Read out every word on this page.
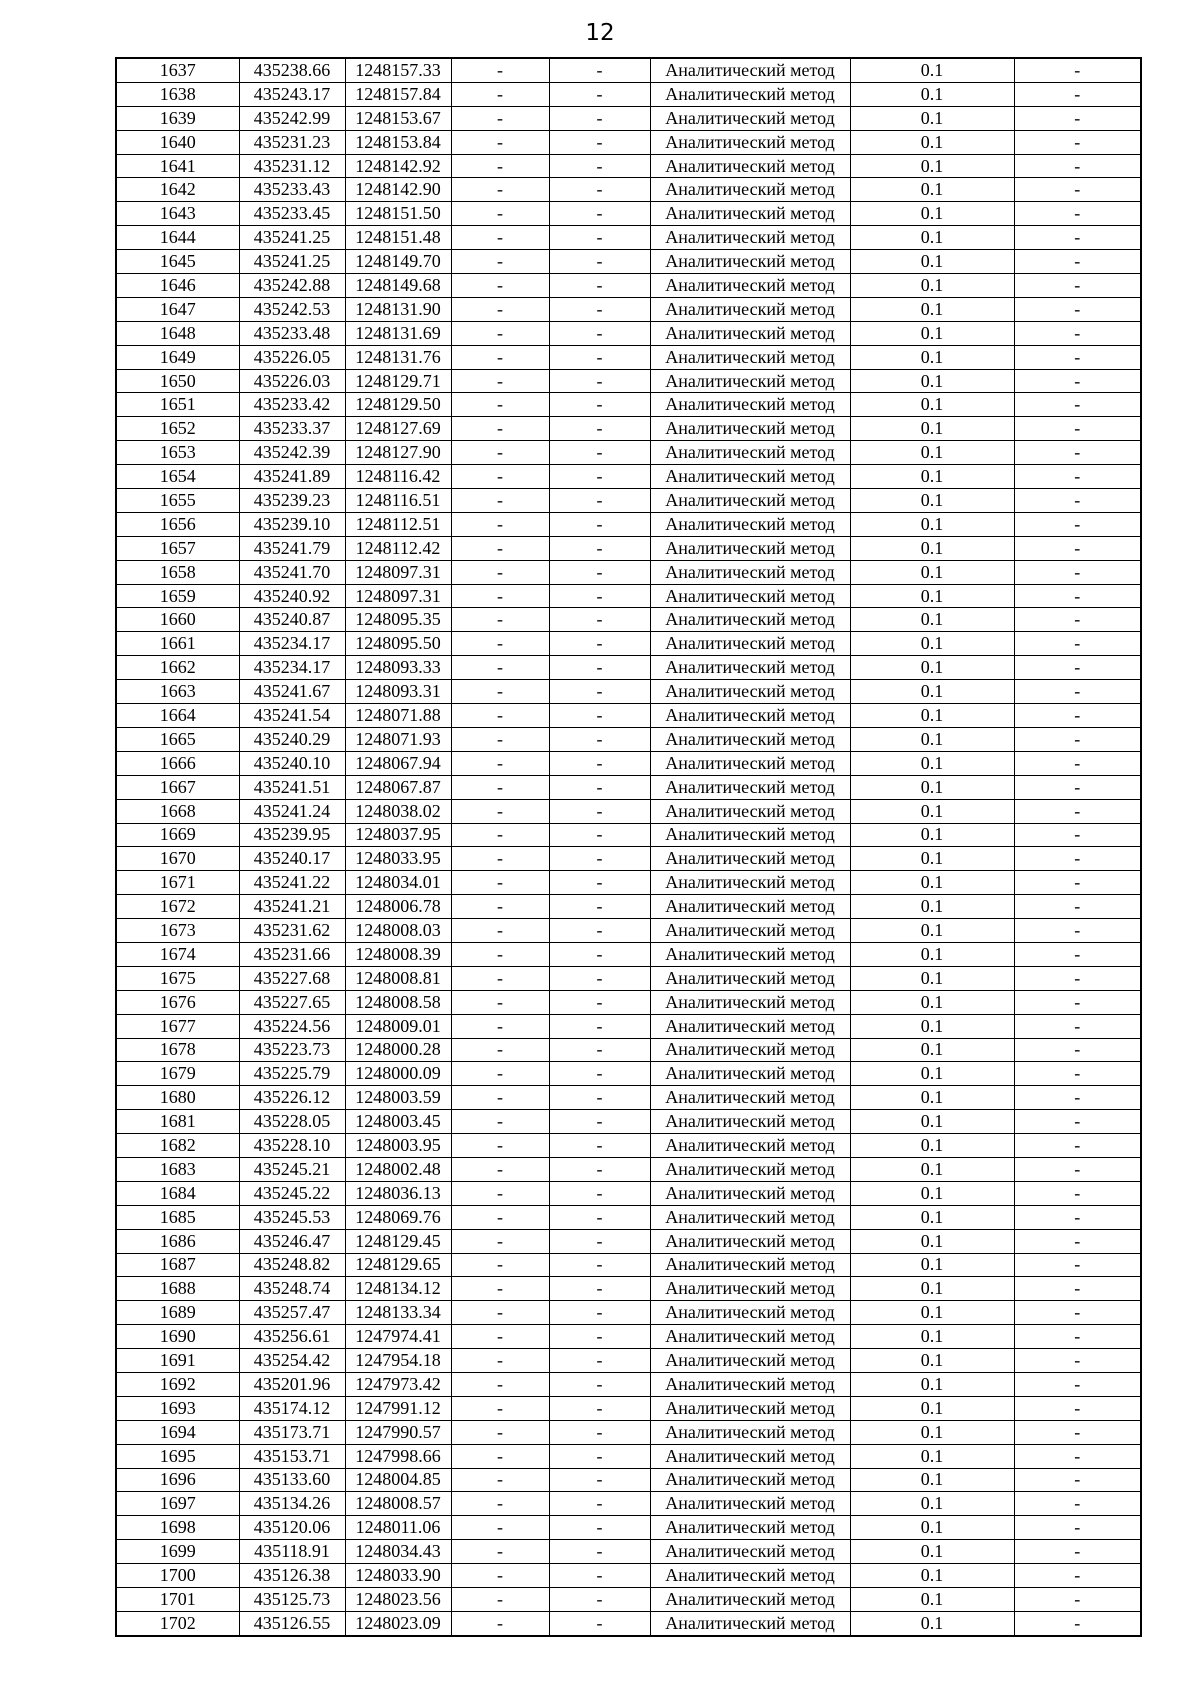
12
1637	435238.66	1248157.33	-	-	Аналитический метод	0.1	-
1638	435243.17	1248157.84	-	-	Аналитический метод	0.1	-
1639	435242.99	1248153.67	-	-	Аналитический метод	0.1	-
1640	435231.23	1248153.84	-	-	Аналитический метод	0.1	-
1641	435231.12	1248142.92	-	-	Аналитический метод	0.1	-
1642	435233.43	1248142.90	-	-	Аналитический метод	0.1	-
1643	435233.45	1248151.50	-	-	Аналитический метод	0.1	-
1644	435241.25	1248151.48	-	-	Аналитический метод	0.1	-
1645	435241.25	1248149.70	-	-	Аналитический метод	0.1	-
1646	435242.88	1248149.68	-	-	Аналитический метод	0.1	-
1647	435242.53	1248131.90	-	-	Аналитический метод	0.1	-
1648	435233.48	1248131.69	-	-	Аналитический метод	0.1	-
1649	435226.05	1248131.76	-	-	Аналитический метод	0.1	-
1650	435226.03	1248129.71	-	-	Аналитический метод	0.1	-
1651	435233.42	1248129.50	-	-	Аналитический метод	0.1	-
1652	435233.37	1248127.69	-	-	Аналитический метод	0.1	-
1653	435242.39	1248127.90	-	-	Аналитический метод	0.1	-
1654	435241.89	1248116.42	-	-	Аналитический метод	0.1	-
1655	435239.23	1248116.51	-	-	Аналитический метод	0.1	-
1656	435239.10	1248112.51	-	-	Аналитический метод	0.1	-
1657	435241.79	1248112.42	-	-	Аналитический метод	0.1	-
1658	435241.70	1248097.31	-	-	Аналитический метод	0.1	-
1659	435240.92	1248097.31	-	-	Аналитический метод	0.1	-
1660	435240.87	1248095.35	-	-	Аналитический метод	0.1	-
1661	435234.17	1248095.50	-	-	Аналитический метод	0.1	-
1662	435234.17	1248093.33	-	-	Аналитический метод	0.1	-
1663	435241.67	1248093.31	-	-	Аналитический метод	0.1	-
1664	435241.54	1248071.88	-	-	Аналитический метод	0.1	-
1665	435240.29	1248071.93	-	-	Аналитический метод	0.1	-
1666	435240.10	1248067.94	-	-	Аналитический метод	0.1	-
1667	435241.51	1248067.87	-	-	Аналитический метод	0.1	-
1668	435241.24	1248038.02	-	-	Аналитический метод	0.1	-
1669	435239.95	1248037.95	-	-	Аналитический метод	0.1	-
1670	435240.17	1248033.95	-	-	Аналитический метод	0.1	-
1671	435241.22	1248034.01	-	-	Аналитический метод	0.1	-
1672	435241.21	1248006.78	-	-	Аналитический метод	0.1	-
1673	435231.62	1248008.03	-	-	Аналитический метод	0.1	-
1674	435231.66	1248008.39	-	-	Аналитический метод	0.1	-
1675	435227.68	1248008.81	-	-	Аналитический метод	0.1	-
1676	435227.65	1248008.58	-	-	Аналитический метод	0.1	-
1677	435224.56	1248009.01	-	-	Аналитический метод	0.1	-
1678	435223.73	1248000.28	-	-	Аналитический метод	0.1	-
1679	435225.79	1248000.09	-	-	Аналитический метод	0.1	-
1680	435226.12	1248003.59	-	-	Аналитический метод	0.1	-
1681	435228.05	1248003.45	-	-	Аналитический метод	0.1	-
1682	435228.10	1248003.95	-	-	Аналитический метод	0.1	-
1683	435245.21	1248002.48	-	-	Аналитический метод	0.1	-
1684	435245.22	1248036.13	-	-	Аналитический метод	0.1	-
1685	435245.53	1248069.76	-	-	Аналитический метод	0.1	-
1686	435246.47	1248129.45	-	-	Аналитический метод	0.1	-
1687	435248.82	1248129.65	-	-	Аналитический метод	0.1	-
1688	435248.74	1248134.12	-	-	Аналитический метод	0.1	-
1689	435257.47	1248133.34	-	-	Аналитический метод	0.1	-
1690	435256.61	1247974.41	-	-	Аналитический метод	0.1	-
1691	435254.42	1247954.18	-	-	Аналитический метод	0.1	-
1692	435201.96	1247973.42	-	-	Аналитический метод	0.1	-
1693	435174.12	1247991.12	-	-	Аналитический метод	0.1	-
1694	435173.71	1247990.57	-	-	Аналитический метод	0.1	-
1695	435153.71	1247998.66	-	-	Аналитический метод	0.1	-
1696	435133.60	1248004.85	-	-	Аналитический метод	0.1	-
1697	435134.26	1248008.57	-	-	Аналитический метод	0.1	-
1698	435120.06	1248011.06	-	-	Аналитический метод	0.1	-
1699	435118.91	1248034.43	-	-	Аналитический метод	0.1	-
1700	435126.38	1248033.90	-	-	Аналитический метод	0.1	-
1701	435125.73	1248023.56	-	-	Аналитический метод	0.1	-
1702	435126.55	1248023.09	-	-	Аналитический метод	0.1	-
